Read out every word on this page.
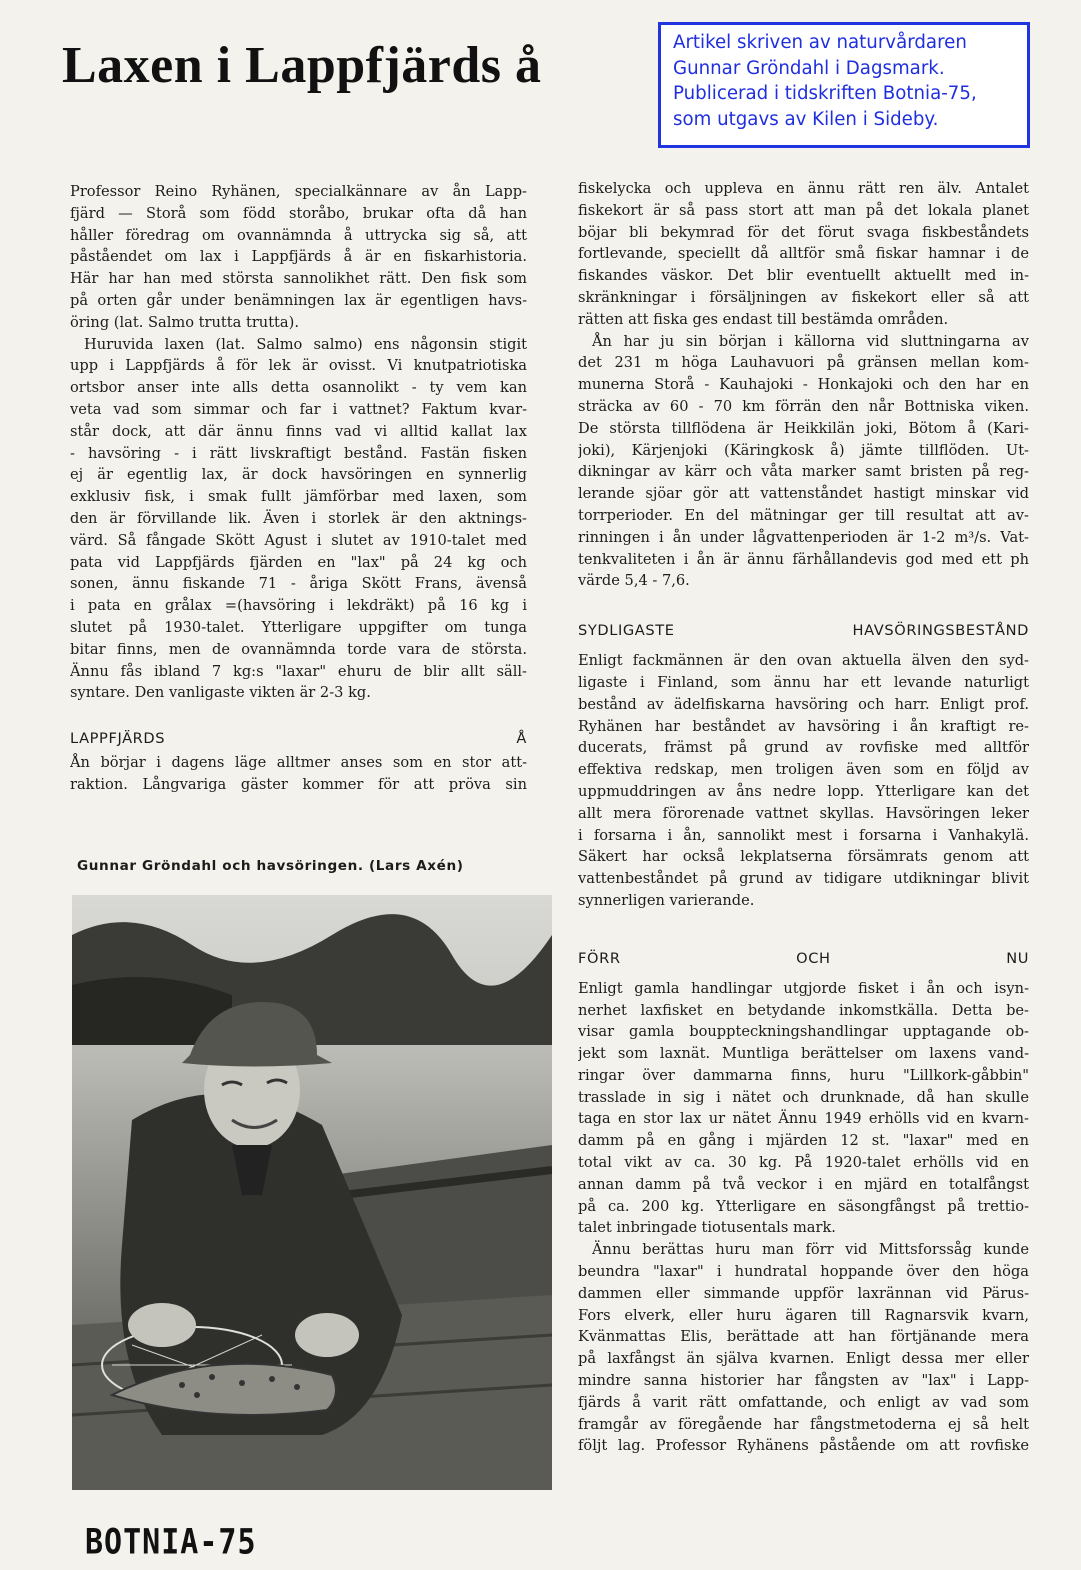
Laxen i Lappfjärds å	Artikel skriven av naturvårdaren
Gunnar Gröndahl i Dagsmark.
Publicerad i tidskriften Botnia-75,
som utgavs av Kilen i Sideby.

Professor Reino Ryhänen, specialkännare av ån Lapp-
fjärd — Storå som född storåbo, brukar ofta då han
håller föredrag om ovannämnda å uttrycka sig så, att
påståendet om lax i Lappfjärds å är en fiskarhistoria.
Här har han med största sannolikhet rätt. Den fisk som
på orten går under benämningen lax är egentligen havs-
öring (lat. Salmo trutta trutta).

Huruvida laxen (lat. Salmo salmo) ens någonsin stigit
upp i Lappfjärds å för lek är ovisst. Vi knutpatriotiska
ortsbor anser inte alls detta osannolikt - ty vem kan
veta vad som simmar och far i vattnet? Faktum kvar-
står dock, att där ännu finns vad vi alltid kallat lax
- havsöring - i rätt livskraftigt bestånd. Fastän fisken
ej är egentlig lax, är dock havsöringen en synnerlig
exklusiv fisk, i smak fullt jämförbar med laxen, som
den är förvillande lik. Även i storlek är den aktnings-
värd. Så fångade Skött Agust i slutet av 1910-talet med
pata vid Lappfjärds fjärden en "lax" på 24 kg och
sonen, ännu fiskande 71 - åriga Skött Frans, ävenså
i pata en grålax =(havsöring i lekdräkt) på 16 kg i
slutet på 1930-talet. Ytterligare uppgifter om tunga
bitar finns, men de ovannämnda torde vara de största.
Ännu fås ibland 7 kg:s "laxar" ehuru de blir allt säll-
syntare. Den vanligaste vikten är 2-3 kg.

LAPPFJÄRDS Å

Ån börjar i dagens läge alltmer anses som en stor att-
raktion. Långvariga gäster kommer för att pröva sin

Gunnar Gröndahl och havsöringen. (Lars Axén)

fiskelycka och uppleva en ännu rätt ren älv. Antalet
fiskekort är så pass stort att man på det lokala planet
böjar bli bekymrad för det förut svaga fiskbeståndets
fortlevande, speciellt då alltför små fiskar hamnar i de
fiskandes väskor. Det blir eventuellt aktuellt med in-
skränkningar i försäljningen av fiskekort eller så att
rätten att fiska ges endast till bestämda områden.

Ån har ju sin början i källorna vid sluttningarna av
det 231 m höga Lauhavuori på gränsen mellan kom-
munerna Storå - Kauhajoki - Honkajoki och den har en
sträcka av 60 - 70 km förrän den når Bottniska viken.
De största tillflödena är Heikkilän joki, Bötom å (Kari-
joki), Kärjenjoki (Käringkosk å) jämte tillflöden. Ut-
dikningar av kärr och våta marker samt bristen på reg-
lerande sjöar gör att vattenståndet hastigt minskar vid
torrperioder. En del mätningar ger till resultat att av-
rinningen i ån under lågvattenperioden är 1-2 m³/s. Vat-
tenkvaliteten i ån är ännu färhållandevis god med ett ph
värde 5,4 - 7,6.

SYDLIGASTE HAVSÖRINGSBESTÅND

Enligt fackmännen är den ovan aktuella älven den syd-
ligaste i Finland, som ännu har ett levande naturligt
bestånd av ädelfiskarna havsöring och harr. Enligt prof.
Ryhänen har beståndet av havsöring i ån kraftigt re-
ducerats, främst på grund av rovfiske med alltför
effektiva redskap, men troligen även som en följd av
uppmuddringen av åns nedre lopp. Ytterligare kan det
allt mera förorenade vattnet skyllas. Havsöringen leker
i forsarna i ån, sannolikt mest i forsarna i Vanhakylä.
Säkert har också lekplatserna försämrats genom att
vattenbeståndet på grund av tidigare utdikningar blivit
synnerligen varierande.

FÖRR OCH NU

Enligt gamla handlingar utgjorde fisket i ån och isyn-
nerhet laxfisket en betydande inkomstkälla. Detta be-
visar gamla bouppteckningshandlingar upptagande ob-
jekt som laxnät. Muntliga berättelser om laxens vand-
ringar över dammarna finns, huru "Lillkork-gåbbin"
trasslade in sig i nätet och drunknade, då han skulle
taga en stor lax ur nätet Ännu 1949 erhölls vid en kvarn-
damm på en gång i mjärden 12 st. "laxar" med en
total vikt av ca. 30 kg. På 1920-talet erhölls vid en
annan damm på två veckor i en mjärd en totalfångst
på ca. 200 kg. Ytterligare en säsongfångst på trettio-
talet inbringade tiotusentals mark.

Ännu berättas huru man förr vid Mittsforssåg kunde
beundra "laxar" i hundratal hoppande över den höga
dammen eller simmande uppför laxrännan vid Pärus-
Fors elverk, eller huru ägaren till Ragnarsvik kvarn,
Kvänmattas Elis, berättade att han förtjänande mera
på laxfångst än själva kvarnen. Enligt dessa mer eller
mindre sanna historier har fångsten av "lax" i Lapp-
fjärds å varit rätt omfattande, och enligt av vad som
framgår av föregående har fångstmetoderna ej så helt
följt lag. Professor Ryhänens påstående om att rovfiske

BOTNIA-75
